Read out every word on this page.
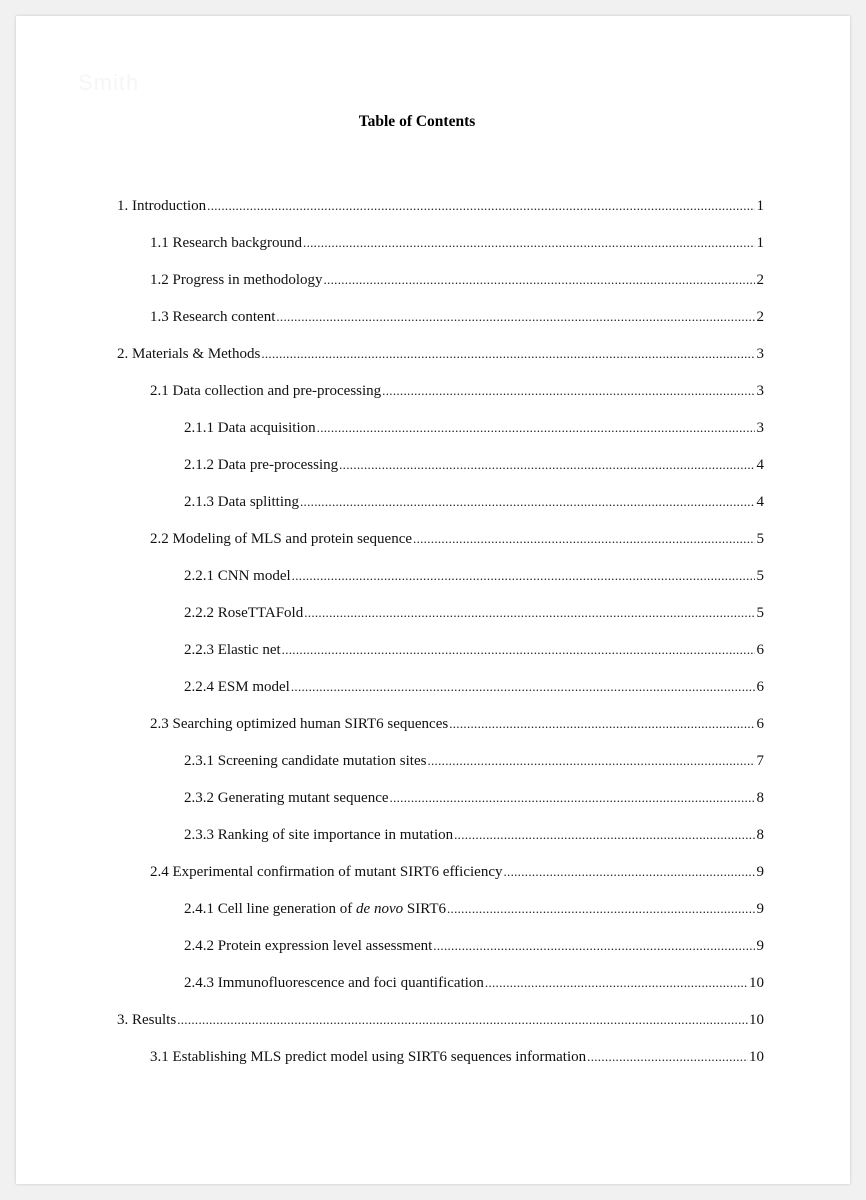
Smith
1. Introduction .....	1
1.1 Research background .....	1
1.2 Progress in methodology .....	2
1.3 Research content .....	2
2. Materials & Methods .....	3
2.1 Data collection and pre-processing .....	3
2.1.1 Data acquisition .....	3
2.1.2 Data pre-processing .....	4
2.1.3 Data splitting .....	4
2.2 Modeling of MLS and protein sequence .....	5
2.2.1 CNN model .....	5
2.2.2 RoseTTAFold .....	5
2.2.3 Elastic net .....	6
2.2.4 ESM model .....	6
2.3 Searching optimized human SIRT6 sequences .....	6
2.3.1 Screening candidate mutation sites .....	7
2.3.2 Generating mutant sequence .....	8
2.3.3 Ranking of site importance in mutation .....	8
2.4 Experimental confirmation of mutant SIRT6 efficiency .....	9
2.4.1 Cell line generation of de novo SIRT6 .....	9
2.4.2 Protein expression level assessment .....	9
2.4.3 Immunofluorescence and foci quantification .....	10
3. Results .....	10
3.1 Establishing MLS predict model using SIRT6 sequences information .....	10
Table of Contents
